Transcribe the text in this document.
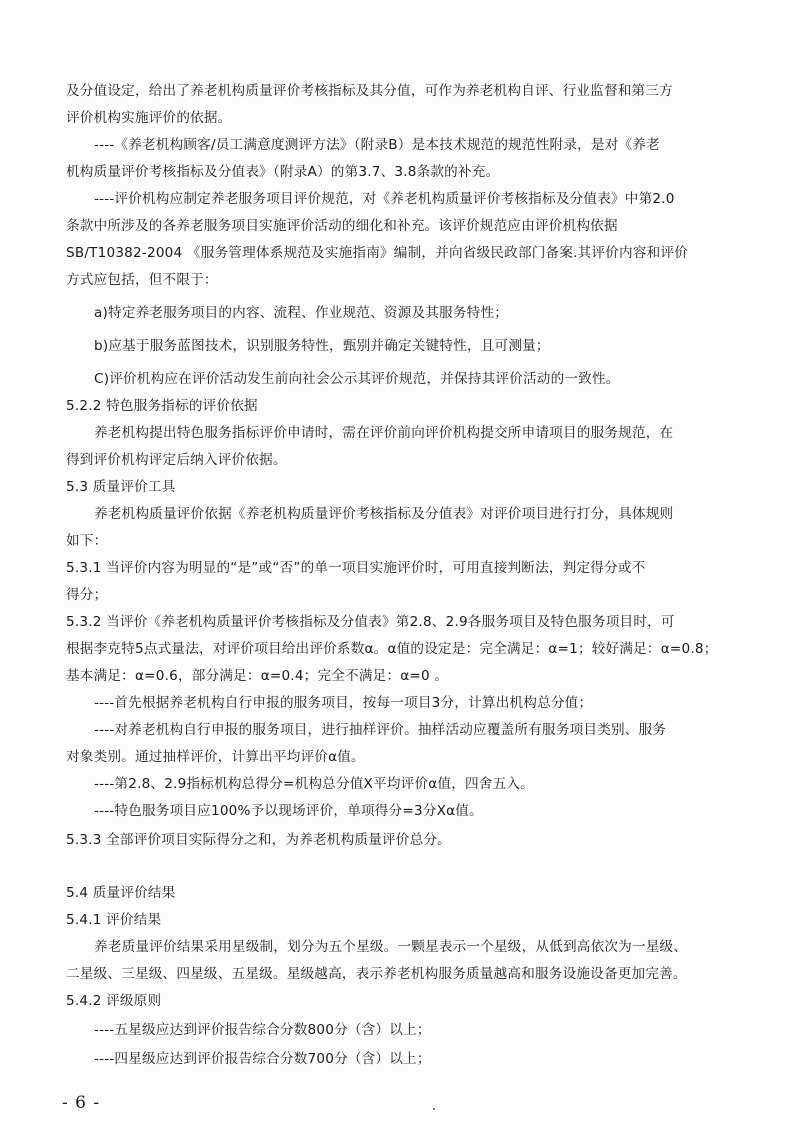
及分值设定，给出了养老机构质量评价考核指标及其分值，可作为养老机构自评、行业监督和第三方

评价机构实施评价的依据。

----《养老机构顾客/员工满意度测评方法》（附录B）是本技术规范的规范性附录，是对《养老

机构质量评价考核指标及分值表》（附录A）的第3.7、3.8条款的补充。

----评价机构应制定养老服务项目评价规范，对《养老机构质量评价考核指标及分值表》中第2.0

条款中所涉及的各养老服务项目实施评价活动的细化和补充。该评价规范应由评价机构依据

SB/T10382-2004 《服务管理体系规范及实施指南》编制，并向省级民政部门备案.其评价内容和评价

方式应包括，但不限于：

a)特定养老服务项目的内容、流程、作业规范、资源及其服务特性；

b)应基于服务蓝图技术，识别服务特性，甄别并确定关键特性，且可测量；

C)评价机构应在评价活动发生前向社会公示其评价规范，并保持其评价活动的一致性。

5.2.2 特色服务指标的评价依据

养老机构提出特色服务指标评价申请时，需在评价前向评价机构提交所申请项目的服务规范，在

得到评价机构评定后纳入评价依据。

5.3 质量评价工具

养老机构质量评价依据《养老机构质量评价考核指标及分值表》对评价项目进行打分，具体规则

如下：

5.3.1 当评价内容为明显的“是”或“否”的单一项目实施评价时，可用直接判断法，判定得分或不

得分；

5.3.2 当评价《养老机构质量评价考核指标及分值表》第2.8、2.9各服务项目及特色服务项目时，可

根据李克特5点式量法，对评价项目给出评价系数α。α值的设定是：完全满足：α=1；较好满足：α=0.8；

基本满足：α=0.6，部分满足：α=0.4；完全不满足：α=0 。

----首先根据养老机构自行申报的服务项目，按每一项目3分，计算出机构总分值；

----对养老机构自行申报的服务项目，进行抽样评价。抽样活动应覆盖所有服务项目类别、服务

对象类别。通过抽样评价，计算出平均评价α值。

----第2.8、2.9指标机构总得分=机构总分值X平均评价α值，四舍五入。

----特色服务项目应100%予以现场评价，单项得分=3分Xα值。

5.3.3 全部评价项目实际得分之和，为养老机构质量评价总分。

5.4 质量评价结果

5.4.1 评价结果

养老质量评价结果采用星级制，划分为五个星级。一颗星表示一个星级，从低到高依次为一星级、

二星级、三星级、四星级、五星级。星级越高，表示养老机构服务质量越高和服务设施设备更加完善。

5.4.2 评级原则

----五星级应达到评价报告综合分数800分（含）以上；

----四星级应达到评价报告综合分数700分（含）以上；

- 6 -
